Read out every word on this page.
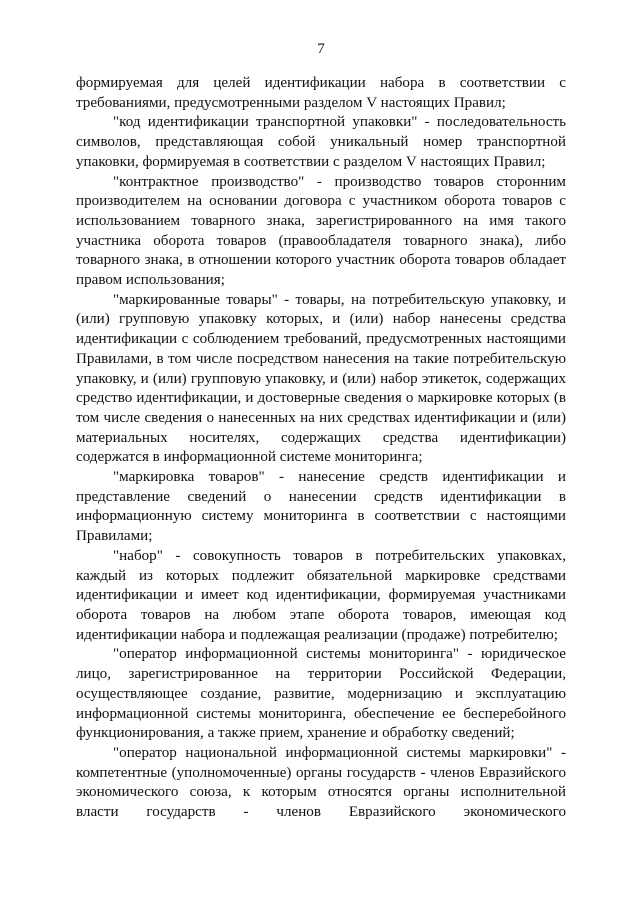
7

формируемая для целей идентификации набора в соответствии с требованиями, предусмотренными разделом V настоящих Правил;

"код идентификации транспортной упаковки" - последовательность символов, представляющая собой уникальный номер транспортной упаковки, формируемая в соответствии с разделом V настоящих Правил;

"контрактное производство" - производство товаров сторонним производителем на основании договора с участником оборота товаров с использованием товарного знака, зарегистрированного на имя такого участника оборота товаров (правообладателя товарного знака), либо товарного знака, в отношении которого участник оборота товаров обладает правом использования;

"маркированные товары" - товары, на потребительскую упаковку, и (или) групповую упаковку которых, и (или) набор нанесены средства идентификации с соблюдением требований, предусмотренных настоящими Правилами, в том числе посредством нанесения на такие потребительскую упаковку, и (или) групповую упаковку, и (или) набор этикеток, содержащих средство идентификации, и достоверные сведения о маркировке которых (в том числе сведения о нанесенных на них средствах идентификации и (или) материальных носителях, содержащих средства идентификации) содержатся в информационной системе мониторинга;

"маркировка товаров" - нанесение средств идентификации и представление сведений о нанесении средств идентификации в информационную систему мониторинга в соответствии с настоящими Правилами;

"набор" - совокупность товаров в потребительских упаковках, каждый из которых подлежит обязательной маркировке средствами идентификации и имеет код идентификации, формируемая участниками оборота товаров на любом этапе оборота товаров, имеющая код идентификации набора и подлежащая реализации (продаже) потребителю;

"оператор информационной системы мониторинга" - юридическое лицо, зарегистрированное на территории Российской Федерации, осуществляющее создание, развитие, модернизацию и эксплуатацию информационной системы мониторинга, обеспечение ее бесперебойного функционирования, а также прием, хранение и обработку сведений;

"оператор национальной информационной системы маркировки" - компетентные (уполномоченные) органы государств - членов Евразийского экономического союза, к которым относятся органы исполнительной власти государств - членов Евразийского экономического
